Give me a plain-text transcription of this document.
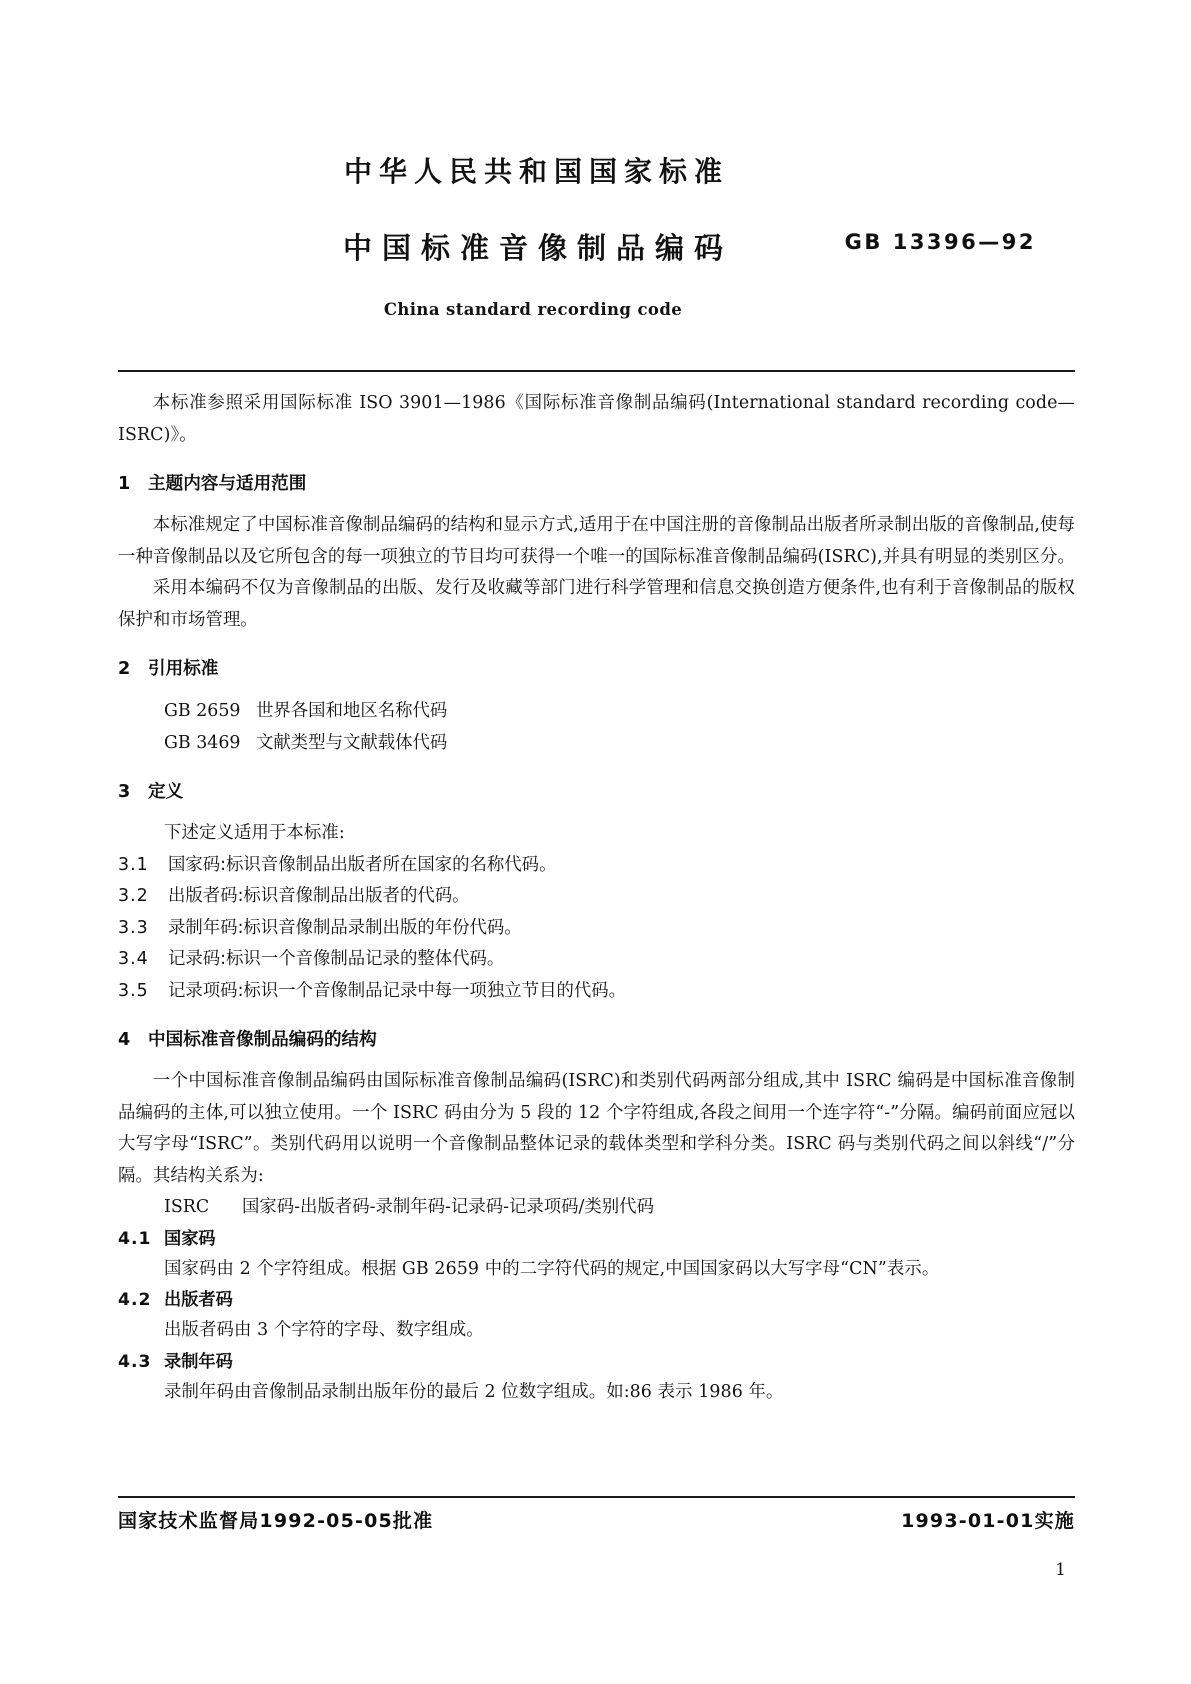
中华人民共和国国家标准
中国标准音像制品编码	GB 13396—92
China standard recording code

本标准参照采用国际标准 ISO 3901—1986《国际标准音像制品编码(International standard recording code—ISRC)》。

1 主题内容与适用范围

本标准规定了中国标准音像制品编码的结构和显示方式,适用于在中国注册的音像制品出版者所录制出版的音像制品,使每一种音像制品以及它所包含的每一项独立的节目均可获得一个唯一的国际标准音像制品编码(ISRC),并具有明显的类别区分。

采用本编码不仅为音像制品的出版、发行及收藏等部门进行科学管理和信息交换创造方便条件,也有利于音像制品的版权保护和市场管理。

2 引用标准

GB 2659 世界各国和地区名称代码

GB 3469 文献类型与文献载体代码

3 定义

下述定义适用于本标准:

3.1 国家码:标识音像制品出版者所在国家的名称代码。

3.2 出版者码:标识音像制品出版者的代码。

3.3 录制年码:标识音像制品录制出版的年份代码。

3.4 记录码:标识一个音像制品记录的整体代码。

3.5 记录项码:标识一个音像制品记录中每一项独立节目的代码。

4 中国标准音像制品编码的结构

一个中国标准音像制品编码由国际标准音像制品编码(ISRC)和类别代码两部分组成,其中 ISRC 编码是中国标准音像制品编码的主体,可以独立使用。一个 ISRC 码由分为 5 段的 12 个字符组成,各段之间用一个连字符“-”分隔。编码前面应冠以大写字母“ISRC”。类别代码用以说明一个音像制品整体记录的载体类型和学科分类。ISRC 码与类别代码之间以斜线“/”分隔。其结构关系为:

ISRC 国家码-出版者码-录制年码-记录码-记录项码/类别代码

4.1 国家码

国家码由 2 个字符组成。根据 GB 2659 中的二字符代码的规定,中国国家码以大写字母“CN”表示。

4.2 出版者码

出版者码由 3 个字符的字母、数字组成。

4.3 录制年码

录制年码由音像制品录制出版年份的最后 2 位数字组成。如:86 表示 1986 年。

国家技术监督局1992-05-05批准	1993-01-01实施
1
